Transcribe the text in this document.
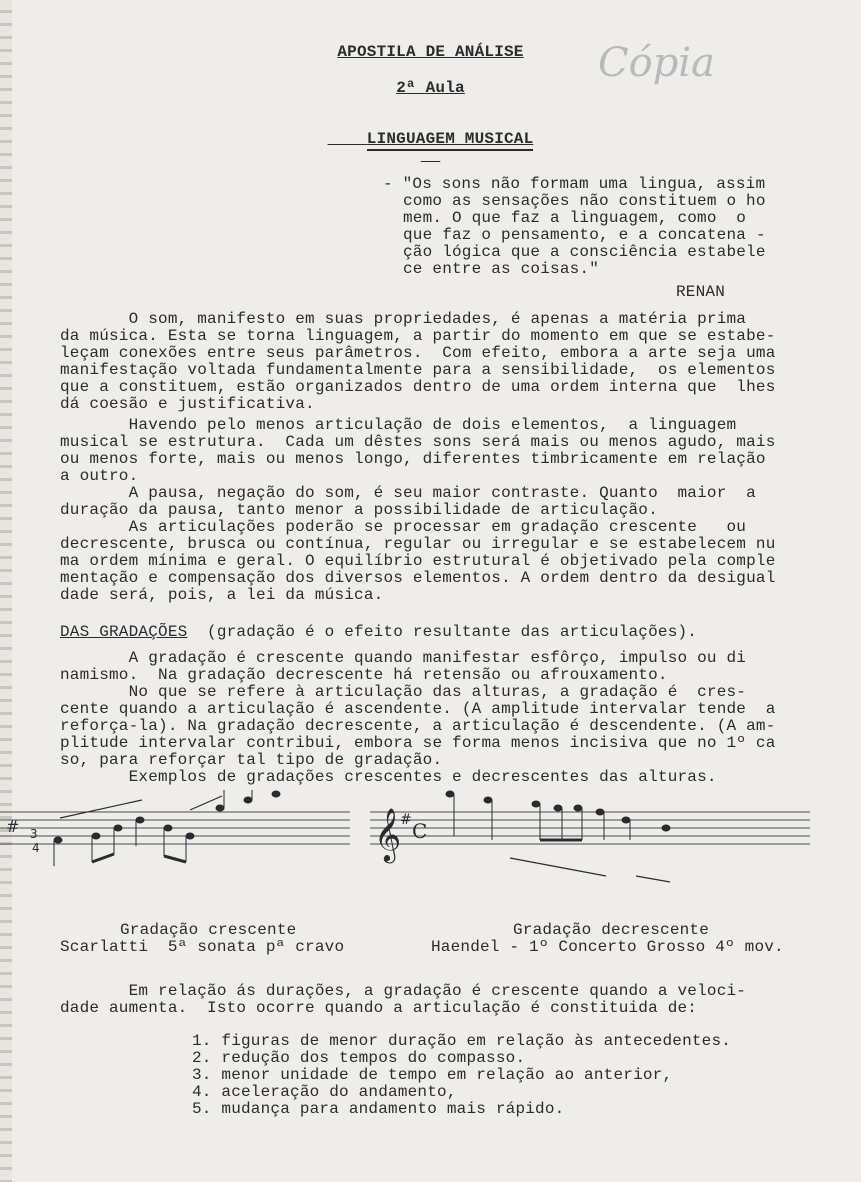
APOSTILA DE ANÁLISE
2ª Aula

LINGUAGEM MUSICAL

Cópia
- "Os sons não formam uma lingua, assim
como as sensações não constituem o ho
mem. O que faz a linguagem, como  o
que faz o pensamento, e a concatena -
ção lógica que a consciência estabele
ce entre as coisas."
RENAN
O som, manifesto em suas propriedades, é apenas a matéria prima
da música. Esta se torna linguagem, a partir do momento em que se estabe-
leçam conexões entre seus parâmetros.  Com efeito, embora a arte seja uma
manifestação voltada fundamentalmente para a sensibilidade,  os elementos
que a constituem, estão organizados dentro de uma ordem interna que  lhes
dá coesão e justificativa.
Havendo pelo menos articulação de dois elementos,  a linguagem
musical se estrutura.  Cada um dêstes sons será mais ou menos agudo, mais
ou menos forte, mais ou menos longo, diferentes timbricamente em relação
a outro.
A pausa, negação do som, é seu maior contraste. Quanto  maior  a
duração da pausa, tanto menor a possibilidade de articulação.
As articulações poderão se processar em gradação crescente   ou
decrescente, brusca ou contínua, regular ou irregular e se estabelecem nu
ma ordem mínima e geral. O equilíbrio estrutural é objetivado pela comple
mentação e compensação dos diversos elementos. A ordem dentro da desigual
dade será, pois, a lei da música.
DAS GRADAÇÕES  (gradação é o efeito resultante das articulações).
A gradação é crescente quando manifestar esfôrço, impulso ou di
namismo.  Na gradação decrescente há retensão ou afrouxamento.
No que se refere à articulação das alturas, a gradação é  cres-
cente quando a articulação é ascendente. (A amplitude intervalar tende  a
reforça-la). Na gradação decrescente, a articulação é descendente. (A am-
plitude intervalar contribui, embora se forma menos incisiva que no 1º ca
so, para reforçar tal tipo de gradação.
Exemplos de gradações crescentes e decrescentes das alturas.
# 3
4	𝄞
# C
Gradação crescente
Scarlatti  5ª sonata pª cravo
Gradação decrescente
Haendel - 1º Concerto Grosso 4º mov.
Em relação ás durações, a gradação é crescente quando a veloci-
dade aumenta.  Isto ocorre quando a articulação é constituida de:
1. figuras de menor duração em relação às antecedentes.
2. redução dos tempos do compasso.
3. menor unidade de tempo em relação ao anterior,
4. aceleração do andamento,
5. mudança para andamento mais rápido.
